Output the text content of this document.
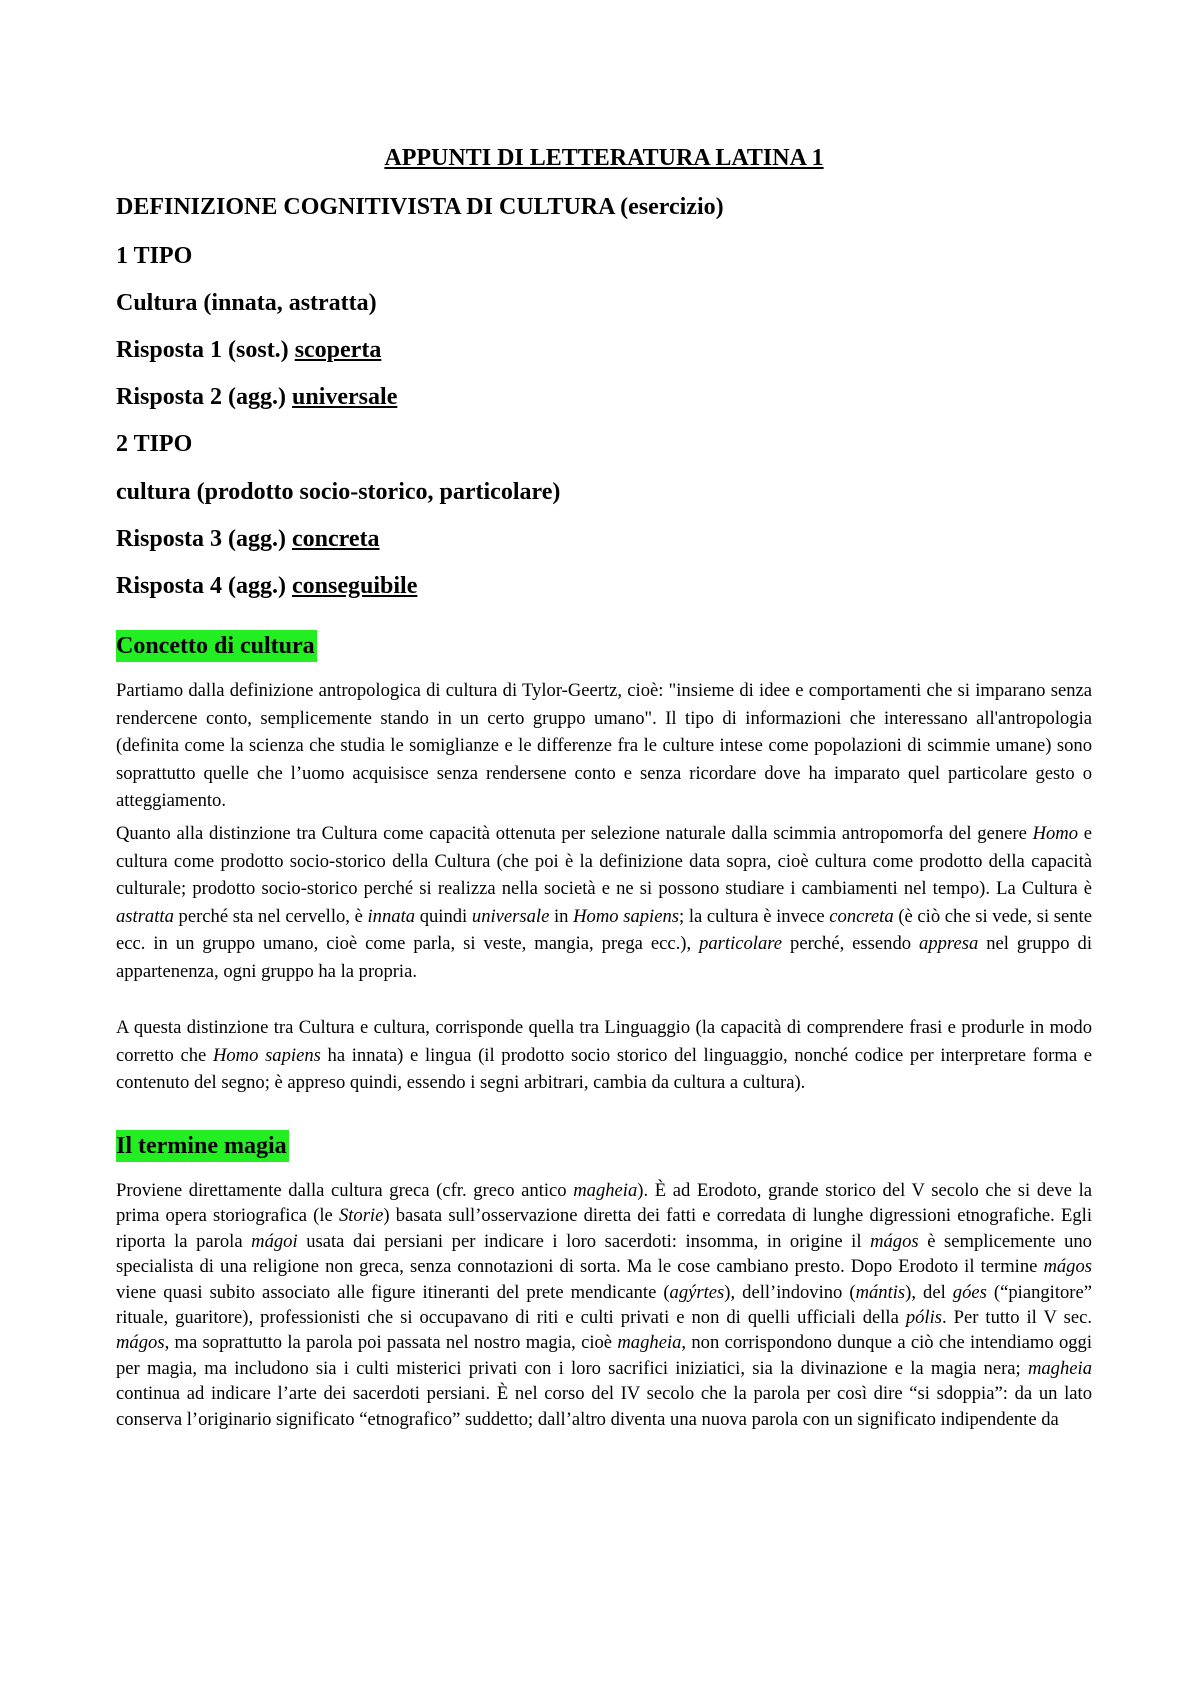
APPUNTI DI LETTERATURA LATINA 1

DEFINIZIONE COGNITIVISTA DI CULTURA (esercizio)

1 TIPO

Cultura (innata, astratta)

Risposta 1 (sost.) scoperta

Risposta 2 (agg.) universale

2 TIPO

cultura (prodotto socio-storico, particolare)

Risposta 3 (agg.) concreta

Risposta 4 (agg.) conseguibile

Concetto di cultura

Partiamo dalla definizione antropologica di cultura di Tylor-Geertz, cioè: "insieme di idee e comportamenti che si imparano senza rendercene conto, semplicemente stando in un certo gruppo umano". Il tipo di informazioni che interessano all'antropologia (definita come la scienza che studia le somiglianze e le differenze fra le culture intese come popolazioni di scimmie umane) sono soprattutto quelle che l’uomo acquisisce senza rendersene conto e senza ricordare dove ha imparato quel particolare gesto o atteggiamento.

Quanto alla distinzione tra Cultura come capacità ottenuta per selezione naturale dalla scimmia antropomorfa del genere Homo e cultura come prodotto socio-storico della Cultura (che poi è la definizione data sopra, cioè cultura come prodotto della capacità culturale; prodotto socio-storico perché si realizza nella società e ne si possono studiare i cambiamenti nel tempo). La Cultura è astratta perché sta nel cervello, è innata quindi universale in Homo sapiens; la cultura è invece concreta (è ciò che si vede, si sente ecc. in un gruppo umano, cioè come parla, si veste, mangia, prega ecc.), particolare perché, essendo appresa nel gruppo di appartenenza, ogni gruppo ha la propria.

A questa distinzione tra Cultura e cultura, corrisponde quella tra Linguaggio (la capacità di comprendere frasi e produrle in modo corretto che Homo sapiens ha innata) e lingua (il prodotto socio storico del linguaggio, nonché codice per interpretare forma e contenuto del segno; è appreso quindi, essendo i segni arbitrari, cambia da cultura a cultura).

Il termine magia

Proviene direttamente dalla cultura greca (cfr. greco antico magheia). È ad Erodoto, grande storico del V secolo che si deve la prima opera storiografica (le Storie) basata sull’osservazione diretta dei fatti e corredata di lunghe digressioni etnografiche. Egli riporta la parola mágoi usata dai persiani per indicare i loro sacerdoti: insomma, in origine il mágos è semplicemente uno specialista di una religione non greca, senza connotazioni di sorta. Ma le cose cambiano presto. Dopo Erodoto il termine mágos viene quasi subito associato alle figure itineranti del prete mendicante (agýrtes), dell’indovino (mántis), del góes (“piangitore” rituale, guaritore), professionisti che si occupavano di riti e culti privati e non di quelli ufficiali della pólis. Per tutto il V sec. mágos, ma soprattutto la parola poi passata nel nostro magia, cioè magheia, non corrispondono dunque a ciò che intendiamo oggi per magia, ma includono sia i culti misterici privati con i loro sacrifici iniziatici, sia la divinazione e la magia nera; magheia continua ad indicare l’arte dei sacerdoti persiani. È nel corso del IV secolo che la parola per così dire “si sdoppia”: da un lato conserva l’originario significato “etnografico” suddetto; dall’altro diventa una nuova parola con un significato indipendente da
